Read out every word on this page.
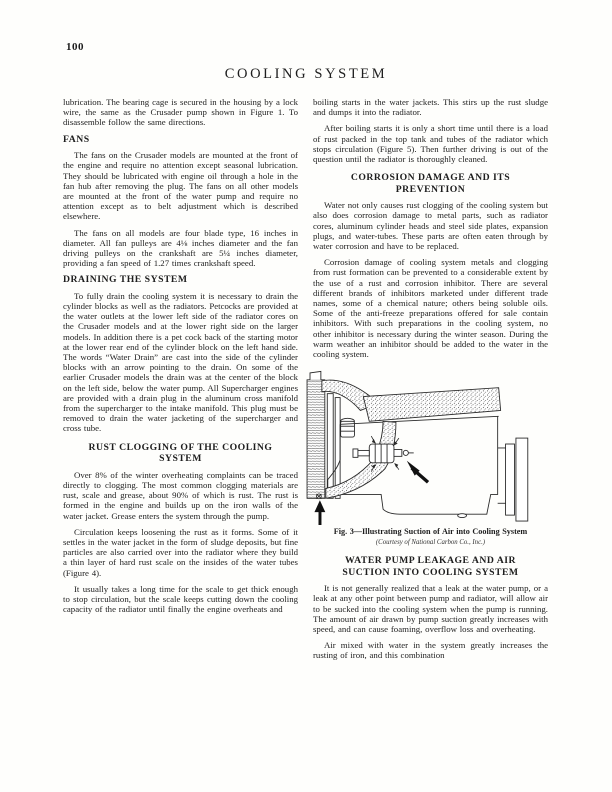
100
COOLING SYSTEM

lubrication. The bearing cage is secured in the housing by a lock wire, the same as the Crusader pump shown in Figure 1. To disassemble follow the same directions.

FANS

The fans on the Crusader models are mounted at the front of the engine and require no attention except seasonal lubrication. They should be lubricated with engine oil through a hole in the fan hub after removing the plug. The fans on all other models are mounted at the front of the water pump and require no attention except as to belt adjustment which is described elsewhere.

The fans on all models are four blade type, 16 inches in diameter. All fan pulleys are 4⅛ inches diameter and the fan driving pulleys on the crankshaft are 5¼ inches diameter, providing a fan speed of 1.27 times crankshaft speed.

DRAINING THE SYSTEM

To fully drain the cooling system it is necessary to drain the cylinder blocks as well as the radiators. Petcocks are provided at the water outlets at the lower left side of the radiator cores on the Crusader models and at the lower right side on the larger models. In addition there is a pet cock back of the starting motor at the lower rear end of the cylinder block on the left hand side. The words “Water Drain” are cast into the side of the cylinder blocks with an arrow pointing to the drain. On some of the earlier Crusader models the drain was at the center of the block on the left side, below the water pump. All Supercharger engines are provided with a drain plug in the aluminum cross manifold from the supercharger to the intake manifold. This plug must be removed to drain the water jacketing of the supercharger and cross tube.

RUST CLOGGING OF THE COOLING SYSTEM

Over 8% of the winter overheating complaints can be traced directly to clogging. The most common clogging materials are rust, scale and grease, about 90% of which is rust. The rust is formed in the engine and builds up on the iron walls of the water jacket. Grease enters the system through the pump.

Circulation keeps loosening the rust as it forms. Some of it settles in the water jacket in the form of sludge deposits, but fine particles are also carried over into the radiator where they build a thin layer of hard rust scale on the insides of the water tubes (Figure 4).

It usually takes a long time for the scale to get thick enough to stop circulation, but the scale keeps cutting down the cooling capacity of the radiator until finally the engine overheats and

boiling starts in the water jackets. This stirs up the rust sludge and dumps it into the radiator.

After boiling starts it is only a short time until there is a load of rust packed in the top tank and tubes of the radiator which stops circulation (Figure 5). Then further driving is out of the question until the radiator is thoroughly cleaned.

CORROSION DAMAGE AND ITS PREVENTION

Water not only causes rust clogging of the cooling system but also does corrosion damage to metal parts, such as radiator cores, aluminum cylinder heads and steel side plates, expansion plugs, and water-tubes. These parts are often eaten through by water corrosion and have to be replaced.

Corrosion damage of cooling system metals and clogging from rust formation can be prevented to a considerable extent by the use of a rust and corrosion inhibitor. There are several different brands of inhibitors marketed under different trade names, some of a chemical nature; others being soluble oils. Some of the anti-freeze preparations offered for sale contain inhibitors. With such preparations in the cooling system, no other inhibitor is necessary during the winter season. During the warm weather an inhibitor should be added to the water in the cooling system.

Fig. 3—Illustrating Suction of Air into Cooling System
(Courtesy of National Carbon Co., Inc.)
WATER PUMP LEAKAGE AND AIR SUCTION INTO COOLING SYSTEM

It is not generally realized that a leak at the water pump, or a leak at any other point between pump and radiator, will allow air to be sucked into the cooling system when the pump is running. The amount of air drawn by pump suction greatly increases with speed, and can cause foaming, overflow loss and overheating.

Air mixed with water in the system greatly increases the rusting of iron, and this combination
